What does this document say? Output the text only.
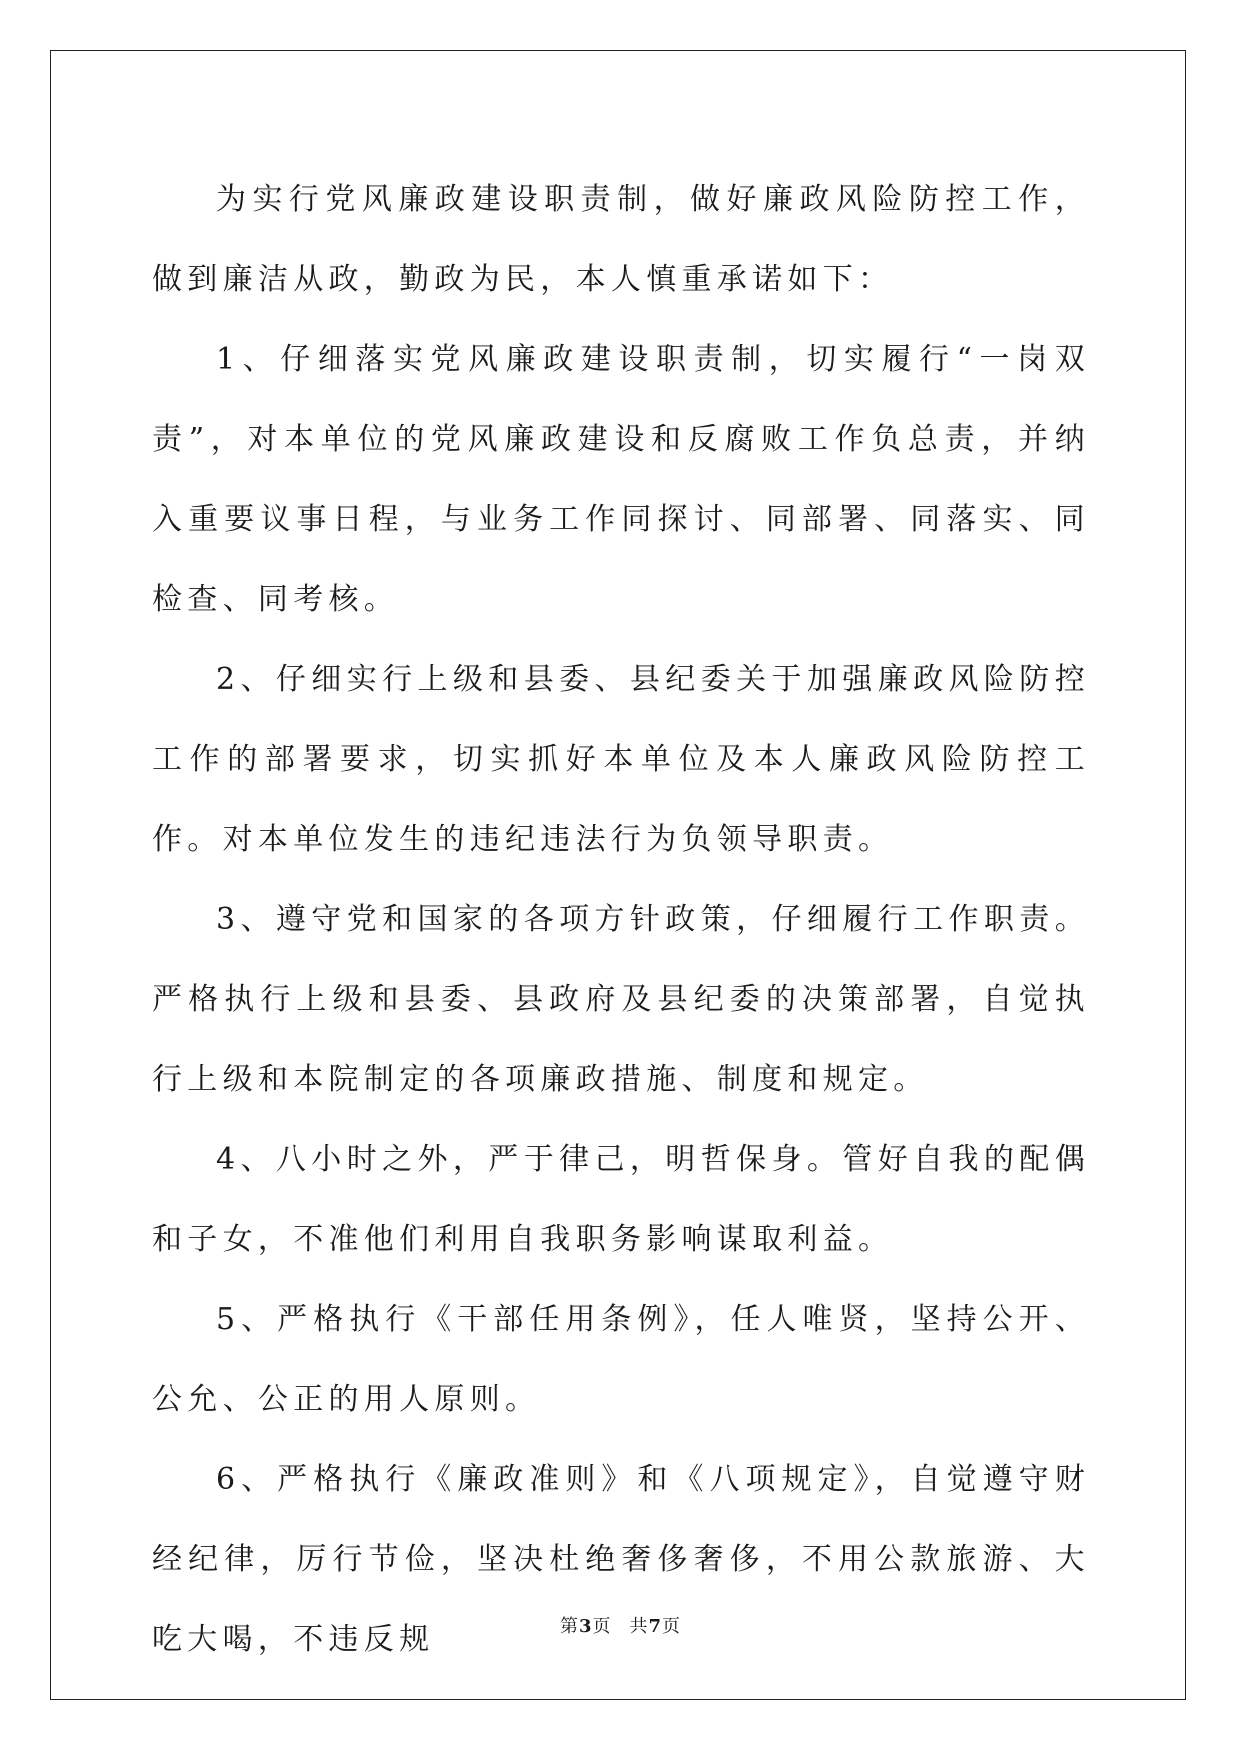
为实行党风廉政建设职责制，做好廉政风险防控工作，做到廉洁从政，勤政为民，本人慎重承诺如下：

1、仔细落实党风廉政建设职责制，切实履行“一岗双责”，对本单位的党风廉政建设和反腐败工作负总责，并纳入重要议事日程，与业务工作同探讨、同部署、同落实、同检查、同考核。

2、仔细实行上级和县委、县纪委关于加强廉政风险防控工作的部署要求，切实抓好本单位及本人廉政风险防控工作。对本单位发生的违纪违法行为负领导职责。

3、遵守党和国家的各项方针政策，仔细履行工作职责。严格执行上级和县委、县政府及县纪委的决策部署，自觉执行上级和本院制定的各项廉政措施、制度和规定。

4、八小时之外，严于律己，明哲保身。管好自我的配偶和子女，不准他们利用自我职务影响谋取利益。

5、严格执行《干部任用条例》，任人唯贤，坚持公开、公允、公正的用人原则。

6、严格执行《廉政准则》和《八项规定》，自觉遵守财经纪律，厉行节俭，坚决杜绝奢侈奢侈，不用公款旅游、大吃大喝，不违反规	第3页 共7页
